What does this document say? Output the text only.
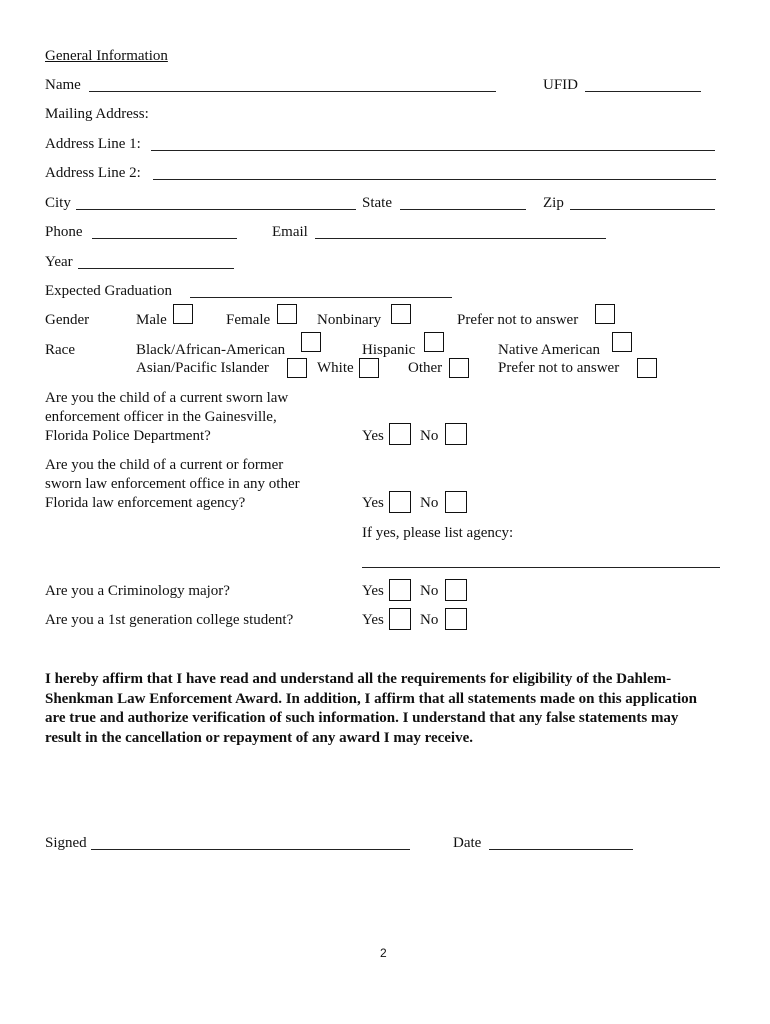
General Information
Name	UFID
Mailing Address:
Address Line 1:
Address Line 2:
City	State	Zip
Phone	Email
Year
Expected Graduation
Gender	Male	Female	Nonbinary	Prefer not to answer
Race	Black/African-American	Hispanic	Native American
Asian/Pacific Islander	White	Other	Prefer not to answer
Are you the child of a current sworn law
enforcement officer in the Gainesville,
Florida Police Department?	Yes No
Are you the child of a current or former
sworn law enforcement office in any other
Florida law enforcement agency?	Yes No
If yes, please list agency:
Are you a Criminology major?	Yes No
Are you a 1st generation college student?	Yes No
I hereby affirm that I have read and understand all the requirements for eligibility of the Dahlem-Shenkman Law Enforcement Award. In addition, I affirm that all statements made on this application are true and authorize verification of such information. I understand that any false statements may result in the cancellation or repayment of any award I may receive.
Signed	Date
2
